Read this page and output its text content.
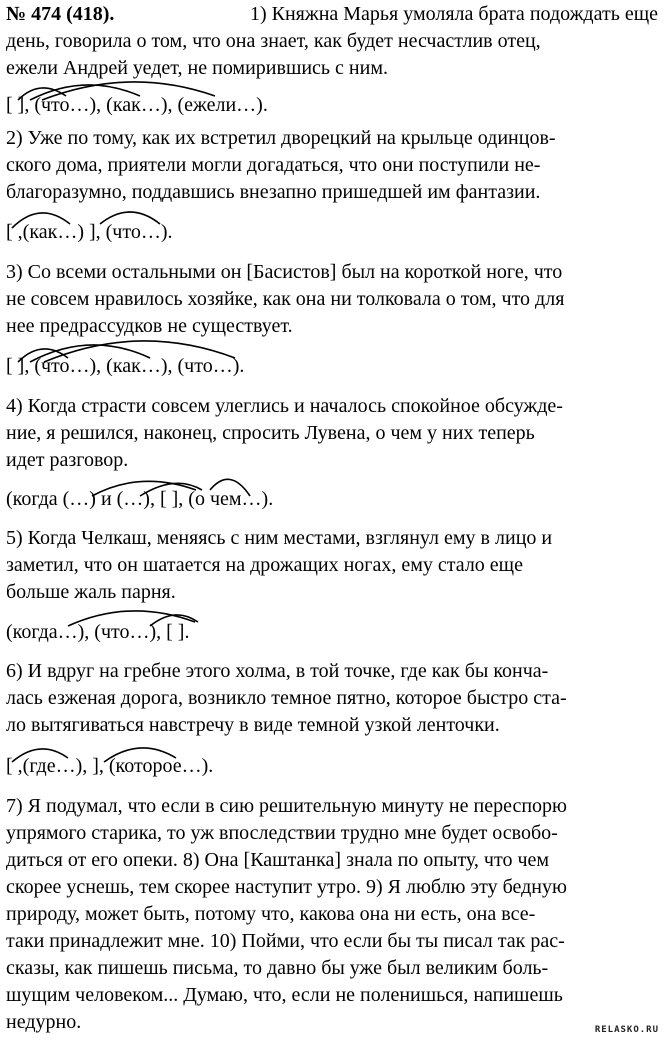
№ 474 (418).	1) Княжна Марья умоляла брата подождать еще
день, говорила о том, что она знает, как будет несчастлив отец,
ежели Андрей уедет, не помирившись с ним.
[ ], (что…), (как…), (ежели…).
2) Уже по тому, как их встретил дворецкий на крыльце одинцов-
ского дома, приятели могли догадаться, что они поступили не-
благоразумно, поддавшись внезапно пришедшей им фантазии.
[ ,(как…) ], (что…).
3) Со всеми остальными он [Басистов] был на короткой ноге, что
не совсем нравилось хозяйке, как она ни толковала о том, что для
нее предрассудков не существует.
[ ], (что…), (как…), (что…).
4) Когда страсти совсем улеглись и началось спокойное обсужде-
ние, я решился, наконец, спросить Лувена, о чем у них теперь
идет разговор.
(когда (…) и (…), [ ], (о чем…).
5) Когда Челкаш, меняясь с ним местами, взглянул ему в лицо и
заметил, что он шатается на дрожащих ногах, ему стало еще
больше жаль парня.
(когда…), (что…), [ ].
6) И вдруг на гребне этого холма, в той точке, где как бы конча-
лась езженая дорога, возникло темное пятно, которое быстро ста-
ло вытягиваться навстречу в виде темной узкой ленточки.
[ ,(где…), ], (которое…).
7) Я подумал, что если в сию решительную минуту не переспорю
упрямого старика, то уж впоследствии трудно мне будет освобо-
диться от его опеки. 8) Она [Каштанка] знала по опыту, что чем
скорее уснешь, тем скорее наступит утро. 9) Я люблю эту бедную
природу, может быть, потому что, какова она ни есть, она все-
таки принадлежит мне. 10) Пойми, что если бы ты писал так рас-
сказы, как пишешь письма, то давно бы уже был великим боль-
шущим человеком... Думаю, что, если не поленишься, напишешь
недурно.	RELASKO.RU
